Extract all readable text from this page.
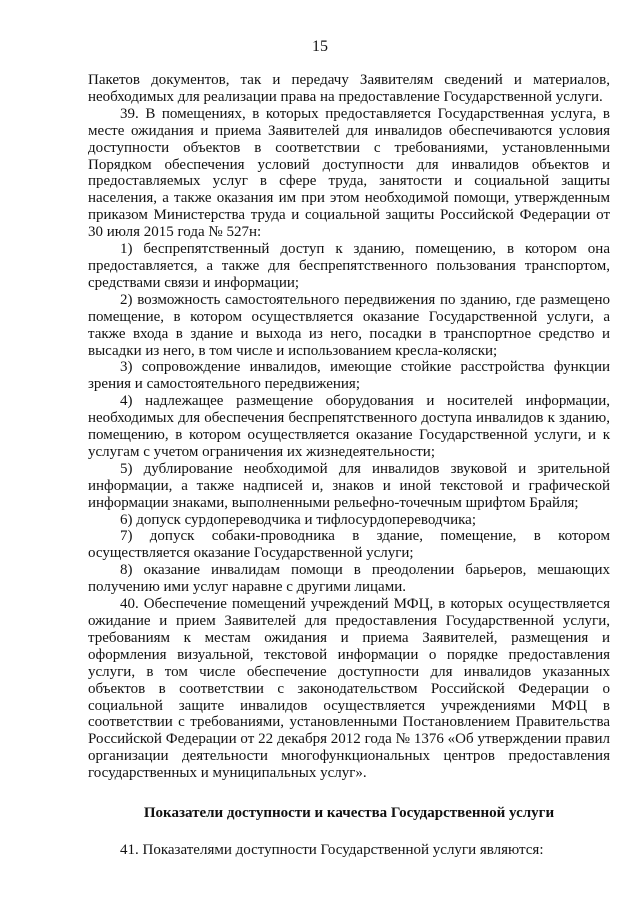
15

Пакетов документов, так и передачу Заявителям сведений и материалов, необходимых для реализации права на предоставление Государственной услуги.

39. В помещениях, в которых предоставляется Государственная услуга, в месте ожидания и приема Заявителей для инвалидов обеспечиваются условия доступности объектов в соответствии с требованиями, установленными Порядком обеспечения условий доступности для инвалидов объектов и предоставляемых услуг в сфере труда, занятости и социальной защиты населения, а также оказания им при этом необходимой помощи, утвержденным приказом Министерства труда и социальной защиты Российской Федерации от 30 июля 2015 года № 527н:

1) беспрепятственный доступ к зданию, помещению, в котором она предоставляется, а также для беспрепятственного пользования транспортом, средствами связи и информации;

2) возможность самостоятельного передвижения по зданию, где размещено помещение, в котором осуществляется оказание Государственной услуги, а также входа в здание и выхода из него, посадки в транспортное средство и высадки из него, в том числе и использованием кресла-коляски;

3) сопровождение инвалидов, имеющие стойкие расстройства функции зрения и самостоятельного передвижения;

4) надлежащее размещение оборудования и носителей информации, необходимых для обеспечения беспрепятственного доступа инвалидов к зданию, помещению, в котором осуществляется оказание Государственной услуги, и к услугам с учетом ограничения их жизнедеятельности;

5) дублирование необходимой для инвалидов звуковой и зрительной информации, а также надписей и, знаков и иной текстовой и графической информации знаками, выполненными рельефно-точечным шрифтом Брайля;

6) допуск сурдопереводчика и тифлосурдопереводчика;

7) допуск собаки-проводника в здание, помещение, в котором осуществляется оказание Государственной услуги;

8) оказание инвалидам помощи в преодолении барьеров, мешающих получению ими услуг наравне с другими лицами.

40. Обеспечение помещений учреждений МФЦ, в которых осуществляется ожидание и прием Заявителей для предоставления Государственной услуги, требованиям к местам ожидания и приема Заявителей, размещения и оформления визуальной, текстовой информации о порядке предоставления услуги, в том числе обеспечение доступности для инвалидов указанных объектов в соответствии с законодательством Российской Федерации о социальной защите инвалидов осуществляется учреждениями МФЦ в соответствии с требованиями, установленными Постановлением Правительства Российской Федерации от 22 декабря 2012 года № 1376 «Об утверждении правил организации деятельности многофункциональных центров предоставления государственных и муниципальных услуг».

Показатели доступности и качества Государственной услуги

41. Показателями доступности Государственной услуги являются:
